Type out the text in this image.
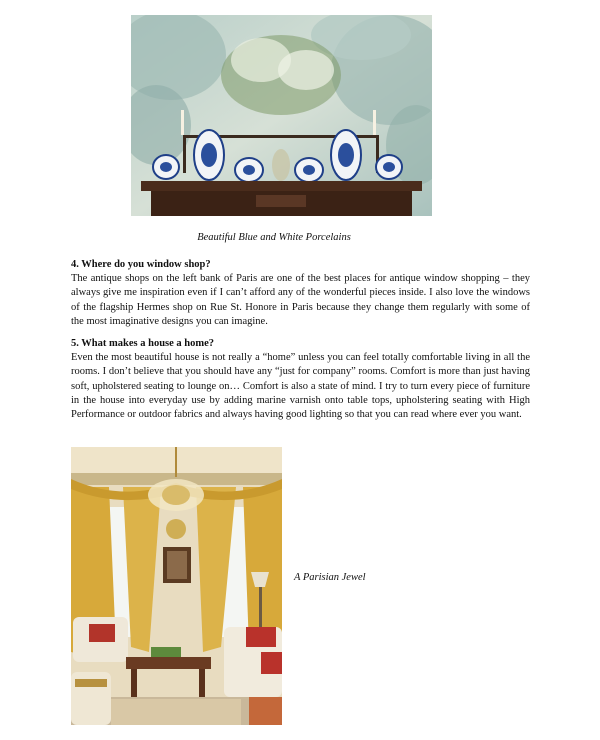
Beautiful Blue and White Porcelains
4. Where do you window shop?

The antique shops on the left bank of Paris are one of the best places for antique window shopping – they always give me inspiration even if I can’t afford any of the wonderful pieces inside. I also love the windows of the flagship Hermes shop on Rue St. Honore in Paris because they change them regularly with some of the most imaginative designs you can imagine.

5. What makes a house a home?

Even the most beautiful house is not really a “home” unless you can feel totally comfortable living in all the rooms. I don’t believe that you should have any “just for company” rooms. Comfort is more than just having soft, upholstered seating to lounge on… Comfort is also a state of mind. I try to turn every piece of furniture in the house into everyday use by adding marine varnish onto table tops, upholstering seating with High Performance or outdoor fabrics and always having good lighting so that you can read where ever you want.

A Parisian Jewel
